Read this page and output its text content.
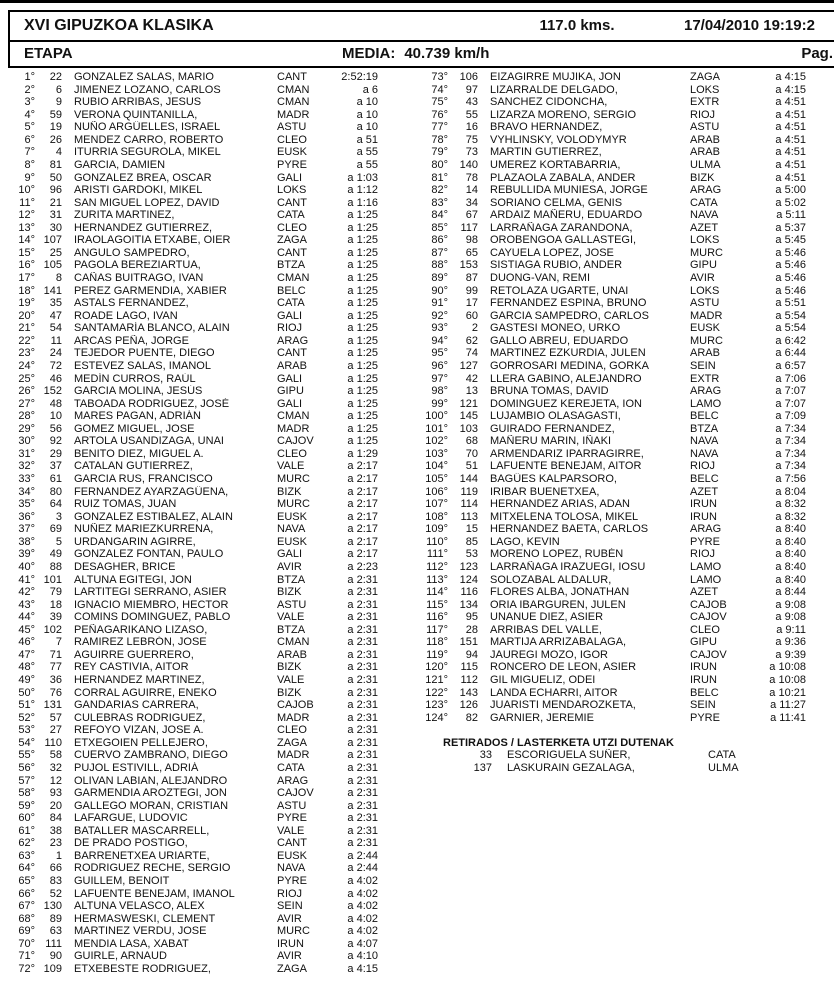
XVI GIPUZKOA KLASIKA	117.0 kms.	17/04/2010 19:19:2
ETAPA	MEDIA: 40.739 km/h	Pag.
1°	22	GONZALEZ SALAS, MARIO	CANT	2:52:19
2°	6	JIMENEZ LOZANO, CARLOS	CMAN	a 6
3°	9	RUBIO ARRIBAS, JESUS	CMAN	a 10
4°	59	VERONA QUINTANILLA,	MADR	a 10
5°	19	NUÑO ARGÜELLES, ISRAEL	ASTU	a 10
6°	26	MENDEZ CARRO, ROBERTO	CLEO	a 51
7°	4	ITURRIA SEGUROLA, MIKEL	EUSK	a 55
8°	81	GARCIA, DAMIEN	PYRE	a 55
9°	50	GONZALEZ BREA, OSCAR	GALI	a 1:03
10°	96	ARISTI GARDOKI, MIKEL	LOKS	a 1:12
11°	21	SAN MIGUEL LOPEZ, DAVID	CANT	a 1:16
12°	31	ZURITA MARTINEZ,	CATA	a 1:25
13°	30	HERNANDEZ GUTIERREZ,	CLEO	a 1:25
14° 107	IRAOLAGOITIA ETXABE, OIER	ZAGA	a 1:25
15°	25	ANGULO SAMPEDRO,	CANT	a 1:25
16° 105	PAGOLA BEREZIARTUA,	BTZA	a 1:25
17°	8	CAÑAS BUITRAGO, IVAN	CMAN	a 1:25
18° 141	PEREZ GARMENDIA, XABIER	BELC	a 1:25
19°	35	ASTALS FERNANDEZ,	CATA	a 1:25
20°	47	ROADE LAGO, IVAN	GALI	a 1:25
21°	54	SANTAMARÍA BLANCO, ALAIN	RIOJ	a 1:25
22°	11	ARCAS PEÑA, JORGE	ARAG	a 1:25
23°	24	TEJEDOR PUENTE, DIEGO	CANT	a 1:25
24°	72	ESTEVEZ SALAS, IMANOL	ARAB	a 1:25
25°	46	MEDÍN CURROS, RAÚL	GALI	a 1:25
26° 152	GARCIA MOLINA, JESÚS	GIPU	a 1:25
27°	48	TABOADA RODRIGUEZ, JOSÉ	GALI	a 1:25
28°	10	MARES PAGAN, ADRIÁN	CMAN	a 1:25
29°	56	GOMEZ MIGUEL, JOSE	MADR	a 1:25
30°	92	ARTOLA USANDIZAGA, UNAI	CAJOV	a 1:25
31°	29	BENITO DIEZ, MIGUEL A.	CLEO	a 1:29
32°	37	CATALAN GUTIERREZ,	VALE	a 2:17
33°	61	GARCIA RUS, FRANCISCO	MURC	a 2:17
34°	80	FERNANDEZ AYARZAGÜENA,	BIZK	a 2:17
35°	64	RUIZ TOMAS, JUAN	MURC	a 2:17
36°	3	GONZALEZ ESTIBALEZ, ALAIN	EUSK	a 2:17
37°	69	NUÑEZ MARIEZKURRENA,	NAVA	a 2:17
38°	5	URDANGARIN AGIRRE,	EUSK	a 2:17
39°	49	GONZALEZ FONTAN, PAULO	GALI	a 2:17
40°	88	DESAGHER, BRICE	AVIR	a 2:23
41° 101	ALTUNA EGITEGI, JON	BTZA	a 2:31
42°	79	LARTITEGI SERRANO, ASIER	BIZK	a 2:31
43°	18	IGNACIO MIEMBRO, HECTOR	ASTU	a 2:31
44°	39	COMINS DOMINGUEZ, PABLO	VALE	a 2:31
45° 102	PEÑAGARIKANO LIZASO,	BTZA	a 2:31
46°	7	RAMIREZ LEBRÓN, JOSE	CMAN	a 2:31
47°	71	AGUIRRE GUERRERO,	ARAB	a 2:31
48°	77	REY CASTIVIA, AITOR	BIZK	a 2:31
49°	36	HERNANDEZ MARTINEZ,	VALE	a 2:31
50°	76	CORRAL AGUIRRE, ENEKO	BIZK	a 2:31
51° 131	GANDARIAS CARRERA,	CAJOB	a 2:31
52°	57	CULEBRAS RODRIGUEZ,	MADR	a 2:31
53°	27	REFOYO VIZAN, JOSE A.	CLEO	a 2:31
54° 110	ETXEGOIEN PELLEJERO,	ZAGA	a 2:31
55°	58	CUERVO ZAMBRANO, DIEGO	MADR	a 2:31
56°	32	PUJOL ESTIVILL, ADRIÁ	CATA	a 2:31
57°	12	OLIVAN LABIAN, ALEJANDRO	ARAG	a 2:31
58°	93	GARMENDIA AROZTEGI, JON	CAJOV	a 2:31
59°	20	GALLEGO MORAN, CRISTIAN	ASTU	a 2:31
60°	84	LAFARGUE, LUDOVIC	PYRE	a 2:31
61°	38	BATALLER MASCARRELL,	VALE	a 2:31
62°	23	DE PRADO POSTIGO,	CANT	a 2:31
63°	1	BARRENETXEA URIARTE,	EUSK	a 2:44
64°	66	RODRIGUEZ RECHE, SERGIO	NAVA	a 2:44
65°	83	GUILLEM, BENOIT	PYRE	a 4:02
66°	52	LAFUENTE BENEJAM, IMANOL	RIOJ	a 4:02
67° 130	ALTUNA VELASCO, ALEX	SEIN	a 4:02
68°	89	HERMASWESKI, CLEMENT	AVIR	a 4:02
69°	63	MARTINEZ VERDU, JOSE	MURC	a 4:02
70° 111	MENDIA LASA, XABAT	IRUN	a 4:07
71°	90	GUIRLE, ARNAUD	AVIR	a 4:10
72° 109	ETXEBESTE RODRIGUEZ,	ZAGA	a 4:15
73°	106	EIZAGIRRE MUJIKA, JON	ZAGA	a 4:15
74°	97	LIZARRALDE DELGADO,	LOKS	a 4:15
75°	43	SANCHEZ CIDONCHA,	EXTR	a 4:51
76°	55	LIZARZA MORENO, SERGIO	RIOJ	a 4:51
77°	16	BRAVO HERNANDEZ,	ASTU	a 4:51
78°	75	VYHLINSKY, VOLODYMYR	ARAB	a 4:51
79°	73	MARTIN GUTIERREZ,	ARAB	a 4:51
80°	140	UMEREZ KORTABARRIA,	ULMA	a 4:51
81°	78	PLAZAOLA ZABALA, ANDER	BIZK	a 4:51
82°	14	REBULLIDA MUNIESA, JORGE	ARAG	a 5:00
83°	34	SORIANO CELMA, GENIS	CATA	a 5:02
84°	67	ARDAIZ MAÑERU, EDUARDO	NAVA	a 5:11
85°	117	LARRAÑAGA ZARANDONA,	AZET	a 5:37
86°	98	OROBENGOA GALLASTEGI,	LOKS	a 5:45
87°	65	CAYUELA LOPEZ, JOSE	MURC	a 5:46
88°	153	SISTIAGA RUBIO, ANDER	GIPU	a 5:46
89°	87	DUONG-VAN, REMI	AVIR	a 5:46
90°	99	RETOLAZA UGARTE, UNAI	LOKS	a 5:46
91°	17	FERNANDEZ ESPINA, BRUNO	ASTU	a 5:51
92°	60	GARCIA SAMPEDRO, CARLOS	MADR	a 5:54
93°	2	GASTESI MONEO, URKO	EUSK	a 5:54
94°	62	GALLO ABREU, EDUARDO	MURC	a 6:42
95°	74	MARTINEZ EZKURDIA, JULEN	ARAB	a 6:44
96°	127	GORROSARI MEDINA, GORKA	SEIN	a 6:57
97°	42	LLERA GABINO, ALEJANDRO	EXTR	a 7:06
98°	13	BRUNA TOMAS, DAVID	ARAG	a 7:07
99°	121	DOMINGUEZ KEREJETA, ION	LAMO	a 7:07
100°	145	LUJAMBIO OLASAGASTI,	BELC	a 7:09
101°	103	GUIRADO FERNANDEZ,	BTZA	a 7:34
102°	68	MAÑERU MARIN, IÑAKI	NAVA	a 7:34
103°	70	ARMENDARIZ IPARRAGIRRE,	NAVA	a 7:34
104°	51	LAFUENTE BENEJAM, AITOR	RIOJ	a 7:34
105°	144	BAGÜES KALPARSORO,	BELC	a 7:56
106°	119	IRIBAR BUENETXEA,	AZET	a 8:04
107°	114	HERNANDEZ ARIAS, ADAN	IRUN	a 8:32
108°	113	MITXELENA TOLOSA, MIKEL	IRUN	a 8:32
109°	15	HERNANDEZ BAETA, CARLOS	ARAG	a 8:40
110°	85	LAGO, KEVIN	PYRE	a 8:40
111°	53	MORENO LOPEZ, RUBÉN	RIOJ	a 8:40
112°	123	LARRAÑAGA IRAZUEGI, IOSU	LAMO	a 8:40
113°	124	SOLOZABAL ALDALUR,	LAMO	a 8:40
114°	116	FLORES ALBA, JONATHAN	AZET	a 8:44
115°	134	ORIA IBARGUREN, JULEN	CAJOB	a 9:08
116°	95	UNANUE DIEZ, ASIER	CAJOV	a 9:08
117°	28	ARRIBAS DEL VALLE,	CLEO	a 9:11
118°	151	MARTIJA ARRIZABALAGA,	GIPU	a 9:36
119°	94	JAUREGI MOZO, IGOR	CAJOV	a 9:39
120°	115	RONCERO DE LEON, ASIER	IRUN	a 10:08
121°	112	GIL MIGUELIZ, ODEI	IRUN	a 10:08
122°	143	LANDA ECHARRI, AITOR	BELC	a 10:21
123°	126	JUARISTI MENDAROZKETA,	SEIN	a 11:27
124°	82	GARNIER, JEREMIE	PYRE	a 11:41
RETIRADOS / LASTERKETA UTZI DUTENAK
33	ESCORIGUELA SUÑER,	CATA
137	LASKURAIN GEZALAGA,	ULMA
